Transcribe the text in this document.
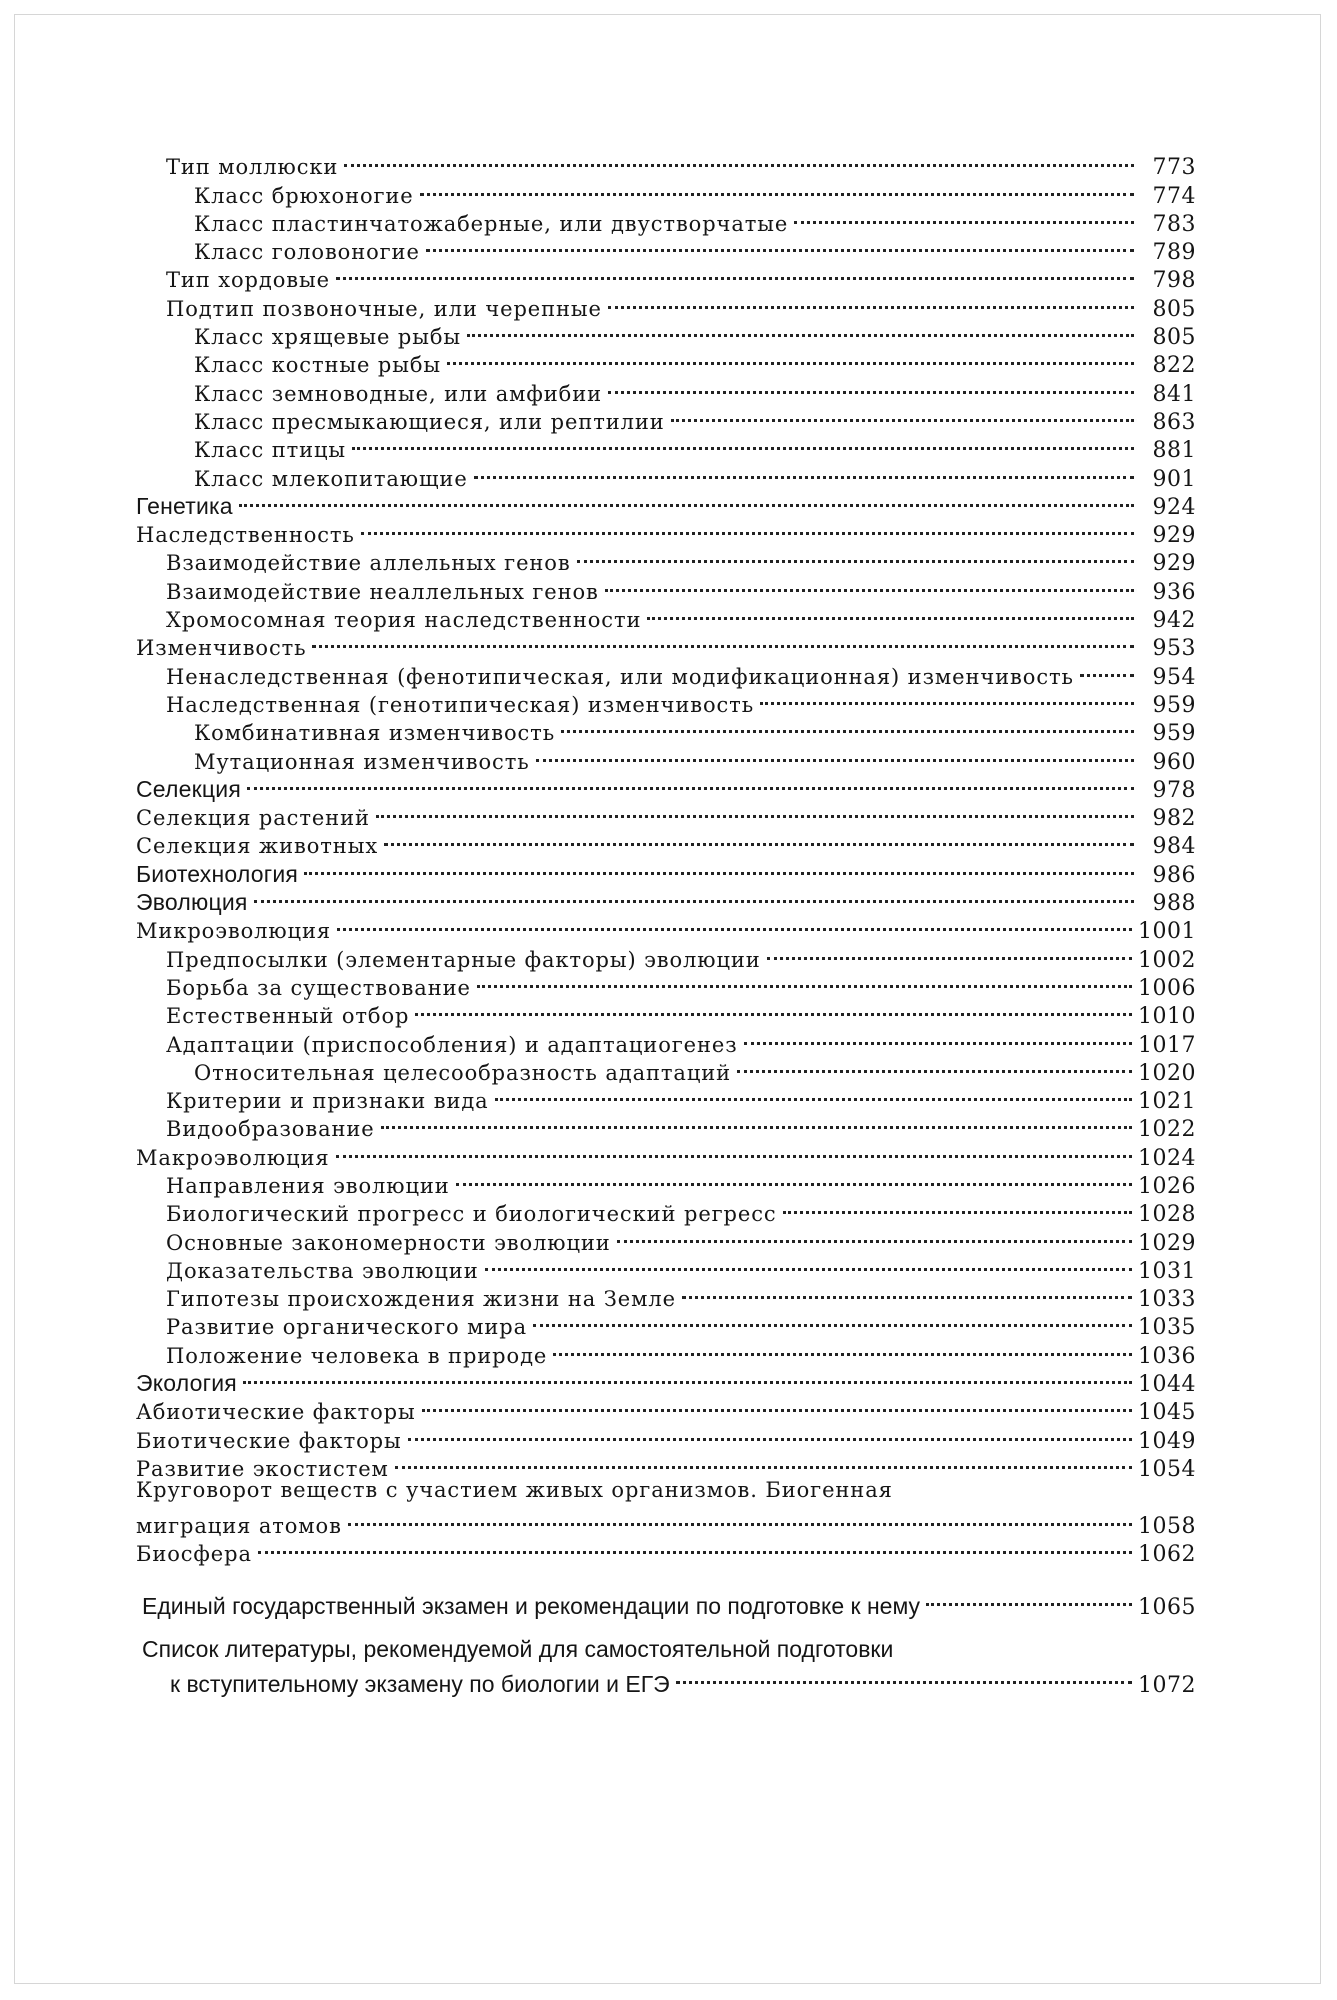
Тип моллюски	773
Класс брюхоногие	774
Класс пластинчатожаберные, или двустворчатые	783
Класс головоногие	789
Тип хордовые	798
Подтип позвоночные, или черепные	805
Класс хрящевые рыбы	805
Класс костные рыбы	822
Класс земноводные, или амфибии	841
Класс пресмыкающиеся, или рептилии	863
Класс птицы	881
Класс млекопитающие	901
Генетика	924
Наследственность	929
Взаимодействие аллельных генов	929
Взаимодействие неаллельных генов	936
Хромосомная теория наследственности	942
Изменчивость	953
Ненаследственная (фенотипическая, или модификационная) изменчивость	954
Наследственная (генотипическая) изменчивость	959
Комбинативная изменчивость	959
Мутационная изменчивость	960
Селекция	978
Селекция растений	982
Селекция животных	984
Биотехнология	986
Эволюция	988
Микроэволюция	1001
Предпосылки (элементарные факторы) эволюции	1002
Борьба за существование	1006
Естественный отбор	1010
Адаптации (приспособления) и адаптациогенез	1017
Относительная целесообразность адаптаций	1020
Критерии и признаки вида	1021
Видообразование	1022
Макроэволюция	1024
Направления эволюции	1026
Биологический прогресс и биологический регресс	1028
Основные закономерности эволюции	1029
Доказательства эволюции	1031
Гипотезы происхождения жизни на Земле	1033
Развитие органического мира	1035
Положение человека в природе	1036
Экология	1044
Абиотические факторы	1045
Биотические факторы	1049
Развитие экостистем	1054
Круговорот веществ с участием живых организмов. Биогенная
миграция атомов	1058
Биосфера	1062
Единый государственный экзамен и рекомендации по подготовке к нему	1065
Список литературы, рекомендуемой для самостоятельной подготовки
к вступительному экзамену по биологии и ЕГЭ	1072
